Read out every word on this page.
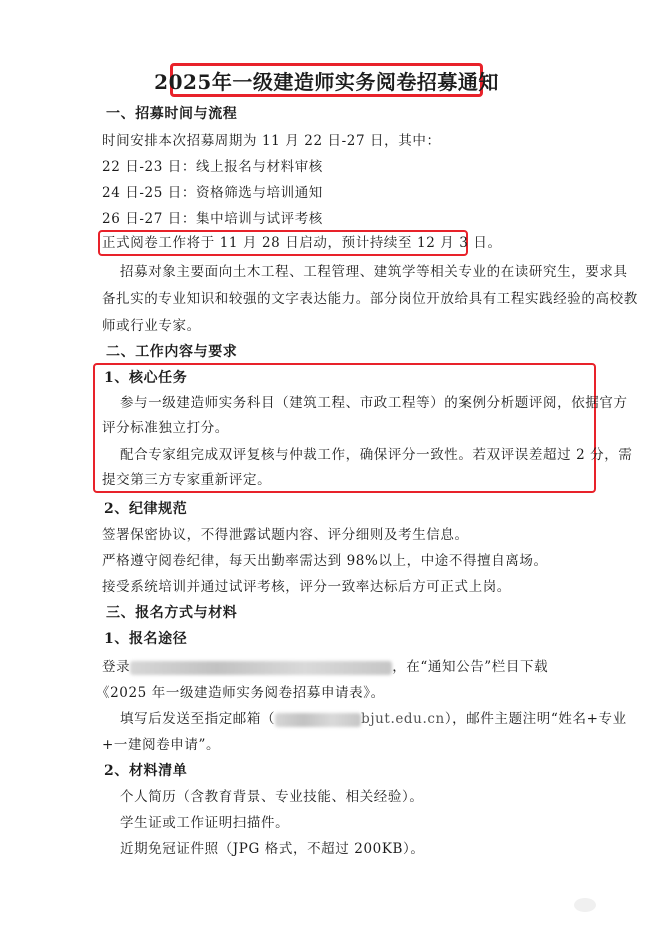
2025年一级建造师实务阅卷招募通知
一、招募时间与流程
时间安排本次招募周期为 11 月 22 日-27 日，其中：
22 日-23 日：线上报名与材料审核
24 日-25 日：资格筛选与培训通知
26 日-27 日：集中培训与试评考核
正式阅卷工作将于 11 月 28 日启动，预计持续至 12 月 3 日。
招募对象主要面向土木工程、工程管理、建筑学等相关专业的在读研究生，要求具
备扎实的专业知识和较强的文字表达能力。部分岗位开放给具有工程实践经验的高校教
师或行业专家。
二、工作内容与要求
1、核心任务
参与一级建造师实务科目（建筑工程、市政工程等）的案例分析题评阅，依据官方
评分标准独立打分。
配合专家组完成双评复核与仲裁工作，确保评分一致性。若双评误差超过 2 分，需
提交第三方专家重新评定。
2、纪律规范
签署保密协议，不得泄露试题内容、评分细则及考生信息。
严格遵守阅卷纪律，每天出勤率需达到 98%以上，中途不得擅自离场。
接受系统培训并通过试评考核，评分一致率达标后方可正式上岗。
三、报名方式与材料
1、报名途径
登录	，在“通知公告”栏目下载
《2025 年一级建造师实务阅卷招募申请表》。
填写后发送至指定邮箱（	bjut.edu.cn），邮件主题注明“姓名+专业
+一建阅卷申请”。
2、材料清单
个人简历（含教育背景、专业技能、相关经验）。
学生证或工作证明扫描件。
近期免冠证件照（JPG 格式，不超过 200KB）。
